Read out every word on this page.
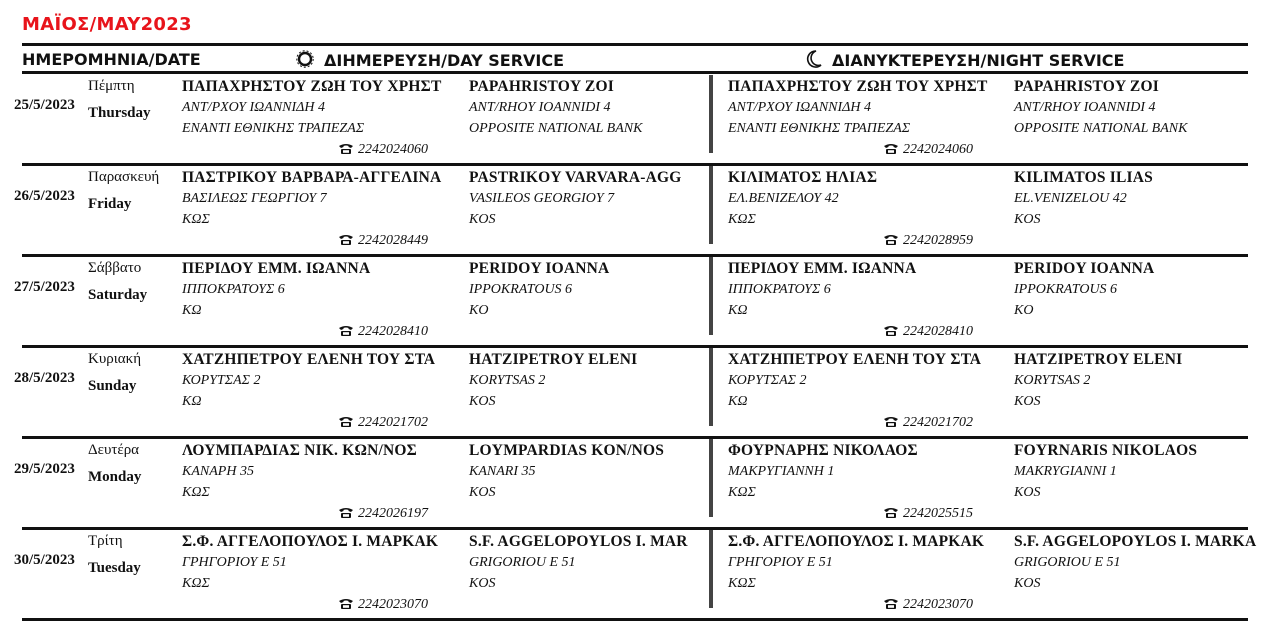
ΜΑΪΟΣ/MAY2023
ΗΜΕΡΟΜΗΝΙΑ/DATE	ΔΙΗΜΕΡΕΥΣΗ/DAY SERVICE	ΔΙΑΝΥΚΤΕΡΕΥΣΗ/NIGHT SERVICE
25/5/2023
Πέμπτη
Thursday
ΠΑΠΑΧΡΗΣΤΟΥ ΖΩΗ ΤΟΥ ΧΡΗΣΤ
ΑΝΤ/ΡΧΟΥ ΙΩΑΝΝΙΔΗ 4
ΕΝΑΝΤΙ ΕΘΝΙΚΗΣ ΤΡΑΠΕΖΑΣ
2242024060
PAPAHRISTOY ZOI
ANT/RHOY IOANNIDI 4
OPPOSITE NATIONAL BANK
ΠΑΠΑΧΡΗΣΤΟΥ ΖΩΗ ΤΟΥ ΧΡΗΣΤ
ΑΝΤ/ΡΧΟΥ ΙΩΑΝΝΙΔΗ 4
ΕΝΑΝΤΙ ΕΘΝΙΚΗΣ ΤΡΑΠΕΖΑΣ
2242024060
PAPAHRISTOY ZOI
ANT/RHOY IOANNIDI 4
OPPOSITE NATIONAL BANK
26/5/2023
Παρασκευή
Friday
ΠΑΣΤΡΙΚΟΥ ΒΑΡΒΑΡΑ-ΑΓΓΕΛΙΝΑ
ΒΑΣΙΛΕΩΣ ΓΕΩΡΓΙΟΥ 7
ΚΩΣ
2242028449
PASTRIKOY VARVARA-AGG
VASILEOS GEORGIOY 7
KOS
ΚΙΛΙΜΑΤΟΣ ΗΛΙΑΣ
ΕΛ.ΒΕΝΙΖΕΛΟΥ 42
ΚΩΣ
2242028959
KILIMATOS ILIAS
EL.VENIZELOU 42
KOS
27/5/2023
Σάββατο
Saturday
ΠΕΡΙΔΟΥ ΕΜΜ. ΙΩΑΝΝΑ
ΙΠΠΟΚΡΑΤΟΥΣ 6
ΚΩ
2242028410
PERIDOY IOANNA
IPPOKRATOUS 6
KO
ΠΕΡΙΔΟΥ ΕΜΜ. ΙΩΑΝΝΑ
ΙΠΠΟΚΡΑΤΟΥΣ 6
ΚΩ
2242028410
PERIDOY IOANNA
IPPOKRATOUS 6
KO
28/5/2023
Κυριακή
Sunday
ΧΑΤΖΗΠΕΤΡΟΥ ΕΛΕΝΗ ΤΟΥ ΣΤΑ
ΚΟΡΥΤΣΑΣ 2
ΚΩ
2242021702
HATZIPETROY ELENI
KORYTSAS 2
KOS
ΧΑΤΖΗΠΕΤΡΟΥ ΕΛΕΝΗ ΤΟΥ ΣΤΑ
ΚΟΡΥΤΣΑΣ 2
ΚΩ
2242021702
HATZIPETROY ELENI
KORYTSAS 2
KOS
29/5/2023
Δευτέρα
Monday
ΛΟΥΜΠΑΡΔΙΑΣ ΝΙΚ. ΚΩΝ/ΝΟΣ
ΚΑΝΑΡΗ 35
ΚΩΣ
2242026197
LOYMPARDIAS KON/NOS
KANARI 35
KOS
ΦΟΥΡΝΑΡΗΣ ΝΙΚΟΛΑΟΣ
ΜΑΚΡΥΓΙΑΝΝΗ 1
ΚΩΣ
2242025515
FOYRNARIS NIKOLAOS
MAKRYGIANNI 1
KOS
30/5/2023
Τρίτη
Tuesday
Σ.Φ. ΑΓΓΕΛΟΠΟΥΛΟΣ Ι. ΜΑΡΚΑΚ
ΓΡΗΓΟΡΙΟΥ Ε 51
ΚΩΣ
2242023070
S.F. AGGELOPOYLOS I. MAR
GRIGORIOU E 51
KOS
Σ.Φ. ΑΓΓΕΛΟΠΟΥΛΟΣ Ι. ΜΑΡΚΑΚ
ΓΡΗΓΟΡΙΟΥ Ε 51
ΚΩΣ
2242023070
S.F. AGGELOPOYLOS I. MARKA
GRIGORIOU E 51
KOS
